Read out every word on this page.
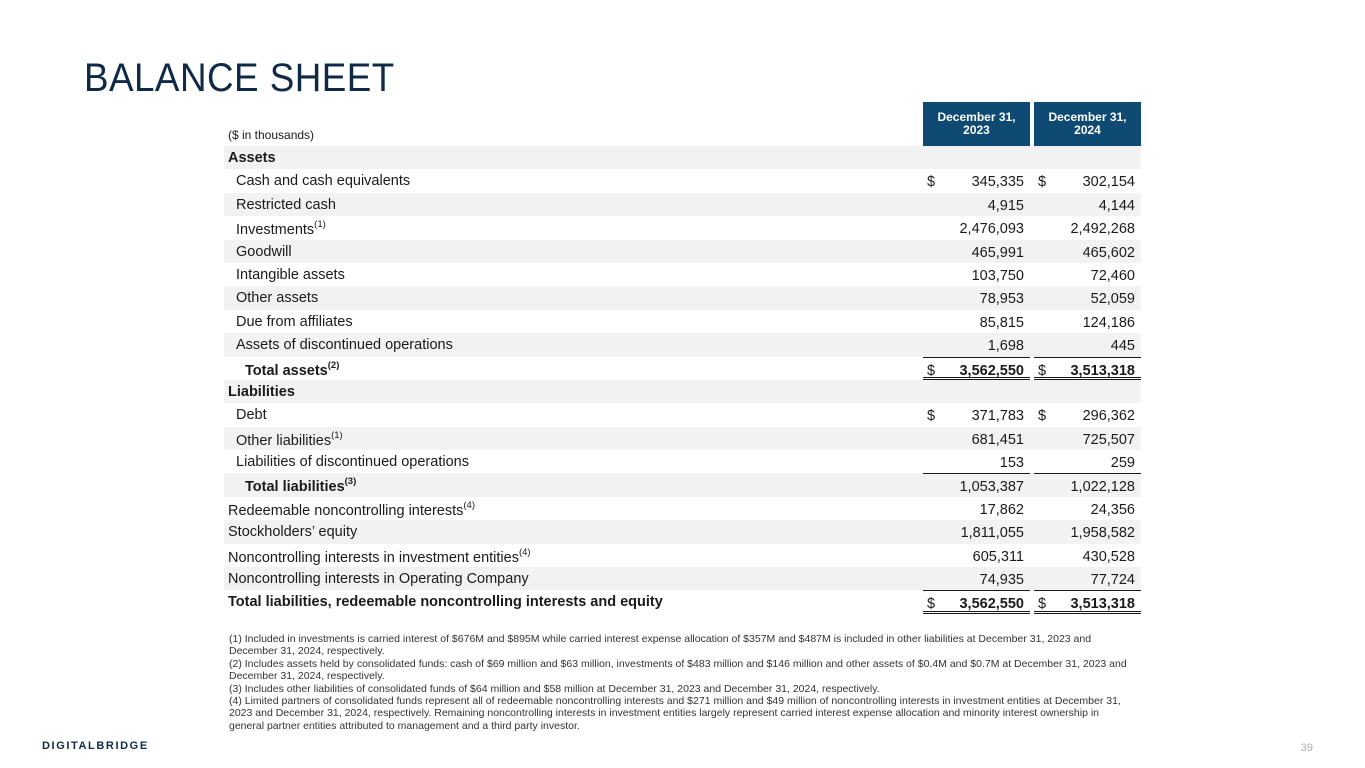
BALANCE SHEET
($ in thousands)
December 31, 2023
December 31, 2024
Assets
Cash and cash equivalents	$	345,335 $	302,154
Restricted cash	4,915	4,144
Investments$^{(1)}$	2,476,093	2,492,268
Goodwill	465,991	465,602
Intangible assets	103,750	72,460
Other assets	78,953	52,059
Due from affiliates	85,815	124,186
Assets of discontinued operations	1,698	445
Total assets$^{(2)}$	$ 3,562,550 $ 3,513,318
Liabilities
Debt	$	371,783 $	296,362
Other liabilities$^{(1)}$	681,451	725,507
Liabilities of discontinued operations	153	259
Total liabilities$^{(3)}$	1,053,387	1,022,128
Redeemable noncontrolling interests$^{(4)}$	17,862	24,356
Stockholders’ equity	1,811,055	1,958,582
Noncontrolling interests in investment entities$^{(4)}$	605,311	430,528
Noncontrolling interests in Operating Company	74,935	77,724
Total liabilities, redeemable noncontrolling interests and equity	$ 3,562,550 $ 3,513,318

(1) Included in investments is carried interest of $676M and $895M while carried interest expense allocation of $357M and $487M is included in other liabilities at December 31, 2023 and December 31, 2024, respectively.

(2) Includes assets held by consolidated funds: cash of $69 million and $63 million, investments of $483 million and $146 million and other assets of $0.4M and $0.7M at December 31, 2023 and December 31, 2024, respectively.

(3) Includes other liabilities of consolidated funds of $64 million and $58 million at December 31, 2023 and December 31, 2024, respectively.

(4) Limited partners of consolidated funds represent all of redeemable noncontrolling interests and $271 million and $49 million of noncontrolling interests in investment entities at December 31, 2023 and December 31, 2024, respectively. Remaining noncontrolling interests in investment entities largely represent carried interest expense allocation and minority interest ownership in general partner entities attributed to management and a third party investor.

DIGITALBRIDGE	39
